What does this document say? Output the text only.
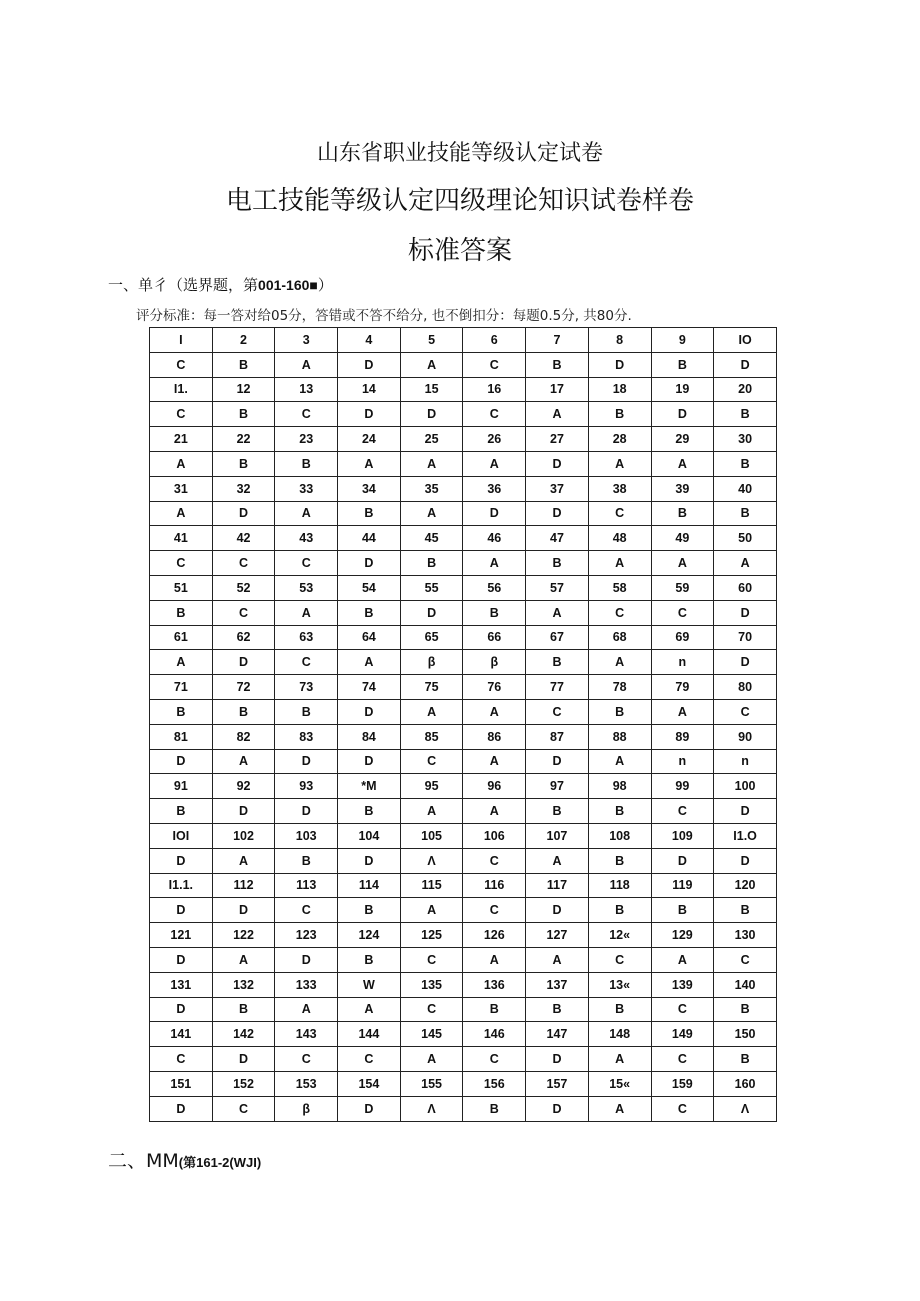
山东省职业技能等级认定试卷
电工技能等级认定四级理论知识试卷样卷
标准答案
一、单彳（选界题，第001-160■）
评分标准：每一答对给05分，答错或不答不给分, 也不倒扣分：每题0.5分, 共80分.
I	2	3	4	5	6	7	8	9	IO
C	B	A	D	A	C	B	D	B	D
I1.	12	13	14	15	16	17	18	19	20
C	B	C	D	D	C	A	B	D	B
21	22	23	24	25	26	27	28	29	30
A	B	B	A	A	A	D	A	A	B
31	32	33	34	35	36	37	38	39	40
A	D	A	B	A	D	D	C	B	B
41	42	43	44	45	46	47	48	49	50
C	C	C	D	B	A	B	A	A	A
51	52	53	54	55	56	57	58	59	60
B	C	A	B	D	B	A	C	C	D
61	62	63	64	65	66	67	68	69	70
A	D	C	A	β	β	B	A	n	D
71	72	73	74	75	76	77	78	79	80
B	B	B	D	A	A	C	B	A	C
81	82	83	84	85	86	87	88	89	90
D	A	D	D	C	A	D	A	n	n
91	92	93	*M	95	96	97	98	99	100
B	D	D	B	A	A	B	B	C	D
IOI	102	103	104	105	106	107	108	109	I1.O
D	A	B	D	Λ	C	A	B	D	D
I1.1.	112	113	114	115	116	117	118	119	120
D	D	C	B	A	C	D	B	B	B
121	122	123	124	125	126	127	12«	129	130
D	A	D	B	C	A	A	C	A	C
131	132	133	W	135	136	137	13«	139	140
D	B	A	A	C	B	B	B	C	B
141	142	143	144	145	146	147	148	149	150
C	D	C	C	A	C	D	A	C	B
151	152	153	154	155	156	157	15«	159	160
D	C	β	D	Λ	B	D	A	C	Λ
二、MM(第161-2(WJI)
